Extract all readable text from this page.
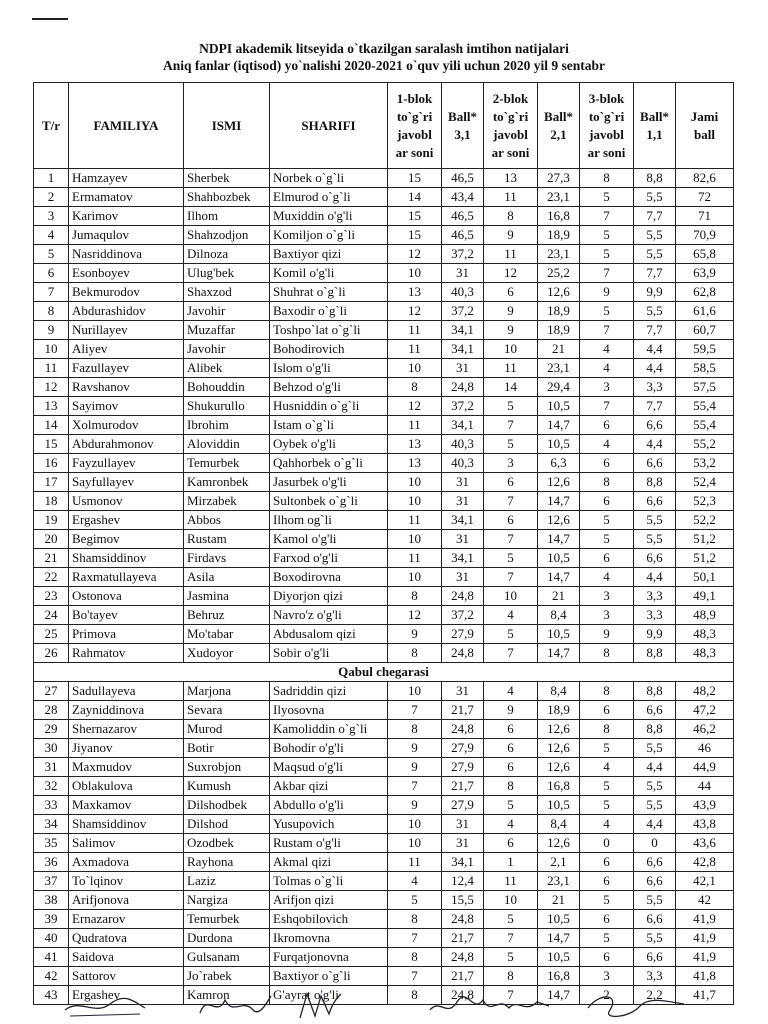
NDPI akademik litseyida o`tkazilgan saralash imtihon natijalari
Aniq fanlar (iqtisod) yo`nalishi 2020-2021 o`quv yili uchun 2020 yil 9 sentabr
T/r	FAMILIYA	ISMI	SHARIFI	1-blok to`g`ri javobl ar soni	Ball* 3,1	2-blok to`g`ri javobl ar soni	Ball* 2,1	3-blok to`g`ri javobl ar soni	Ball* 1,1	Jami ball
1	Hamzayev	Sherbek	Norbek o`g`li	15	46,5	13	27,3	8	8,8	82,6
2	Ermamatov	Shahbozbek	Elmurod o`g`li	14	43,4	11	23,1	5	5,5	72
3	Karimov	Ilhom	Muxiddin o'g'li	15	46,5	8	16,8	7	7,7	71
4	Jumaqulov	Shahzodjon	Komiljon o`g`li	15	46,5	9	18,9	5	5,5	70,9
5	Nasriddinova	Dilnoza	Baxtiyor qizi	12	37,2	11	23,1	5	5,5	65,8
6	Esonboyev	Ulug'bek	Komil o'g'li	10	31	12	25,2	7	7,7	63,9
7	Bekmurodov	Shaxzod	Shuhrat o`g`li	13	40,3	6	12,6	9	9,9	62,8
8	Abdurashidov	Javohir	Baxodir o`g`li	12	37,2	9	18,9	5	5,5	61,6
9	Nurillayev	Muzaffar	Toshpo`lat o`g`li	11	34,1	9	18,9	7	7,7	60,7
10	Aliyev	Javohir	Bohodirovich	11	34,1	10	21	4	4,4	59,5
11	Fazullayev	Alibek	Islom o'g'li	10	31	11	23,1	4	4,4	58,5
12	Ravshanov	Bohouddin	Behzod o'g'li	8	24,8	14	29,4	3	3,3	57,5
13	Sayimov	Shukurullo	Husniddin o`g`li	12	37,2	5	10,5	7	7,7	55,4
14	Xolmurodov	Ibrohim	Istam o`g`li	11	34,1	7	14,7	6	6,6	55,4
15	Abdurahmonov	Aloviddin	Oybek o'g'li	13	40,3	5	10,5	4	4,4	55,2
16	Fayzullayev	Temurbek	Qahhorbek o`g`li	13	40,3	3	6,3	6	6,6	53,2
17	Sayfullayev	Kamronbek	Jasurbek o'g'li	10	31	6	12,6	8	8,8	52,4
18	Usmonov	Mirzabek	Sultonbek o`g`li	10	31	7	14,7	6	6,6	52,3
19	Ergashev	Abbos	Ilhom og`li	11	34,1	6	12,6	5	5,5	52,2
20	Begimov	Rustam	Kamol o'g'li	10	31	7	14,7	5	5,5	51,2
21	Shamsiddinov	Firdavs	Farxod o'g'li	11	34,1	5	10,5	6	6,6	51,2
22	Raxmatullayeva	Asila	Boxodirovna	10	31	7	14,7	4	4,4	50,1
23	Ostonova	Jasmina	Diyorjon qizi	8	24,8	10	21	3	3,3	49,1
24	Bo'tayev	Behruz	Navro'z o'g'li	12	37,2	4	8,4	3	3,3	48,9
25	Primova	Mo'tabar	Abdusalom qizi	9	27,9	5	10,5	9	9,9	48,3
26	Rahmatov	Xudoyor	Sobir o'g'li	8	24,8	7	14,7	8	8,8	48,3
Qabul chegarasi										
27	Sadullayeva	Marjona	Sadriddin qizi	10	31	4	8,4	8	8,8	48,2
28	Zayniddinova	Sevara	Ilyosovna	7	21,7	9	18,9	6	6,6	47,2
29	Shernazarov	Murod	Kamoliddin o`g`li	8	24,8	6	12,6	8	8,8	46,2
30	Jiyanov	Botir	Bohodir o'g'li	9	27,9	6	12,6	5	5,5	46
31	Maxmudov	Suxrobjon	Maqsud o'g'li	9	27,9	6	12,6	4	4,4	44,9
32	Oblakulova	Kumush	Akbar qizi	7	21,7	8	16,8	5	5,5	44
33	Maxkamov	Dilshodbek	Abdullo o'g'li	9	27,9	5	10,5	5	5,5	43,9
34	Shamsiddinov	Dilshod	Yusupovich	10	31	4	8,4	4	4,4	43,8
35	Salimov	Ozodbek	Rustam o'g'li	10	31	6	12,6	0	0	43,6
36	Axmadova	Rayhona	Akmal qizi	11	34,1	1	2,1	6	6,6	42,8
37	To`lqinov	Laziz	Tolmas o`g`li	4	12,4	11	23,1	6	6,6	42,1
38	Arifjonova	Nargiza	Arifjon qizi	5	15,5	10	21	5	5,5	42
39	Ernazarov	Temurbek	Eshqobilovich	8	24,8	5	10,5	6	6,6	41,9
40	Qudratova	Durdona	Ikromovna	7	21,7	7	14,7	5	5,5	41,9
41	Saidova	Gulsanam	Furqatjonovna	8	24,8	5	10,5	6	6,6	41,9
42	Sattorov	Jo`rabek	Baxtiyor o`g`li	7	21,7	8	16,8	3	3,3	41,8
43	Ergashev	Kamron	G'ayrat o'g'li	8	24,8	7	14,7	2	2,2	41,7
